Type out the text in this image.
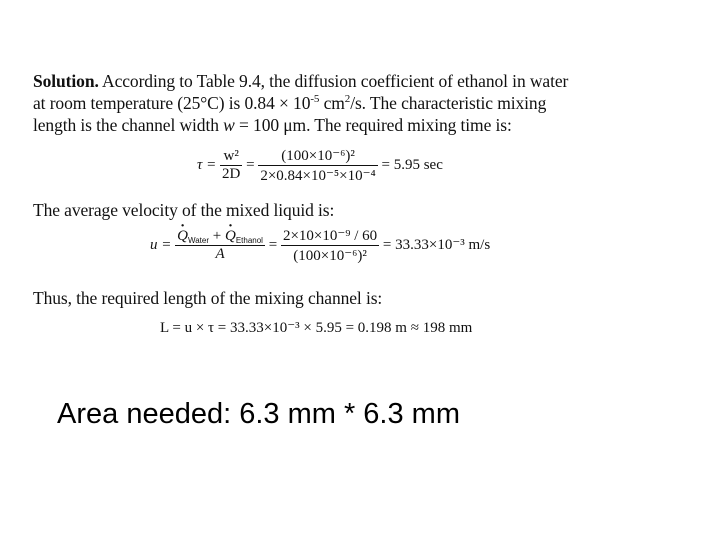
Solution. According to Table 9.4, the diffusion coefficient of ethanol in water
at room temperature (25°C) is $0.84 \times 10^{-5}$ $cm^2/s$. The characteristic mixing
length is the channel width w = 100 μm. The required mixing time is:
$\tau = \frac{\text{w²}}{2D} = \frac{\text{(100×10⁻⁶)²}}{\text{2×0.84×10⁻⁵×10⁻⁴}} = 5.95$ sec
The average velocity of the mixed liquid is:
u = · $\frac{Q_{Water} + \cdot Q_{Ethanol}}{A} = \frac{\text{2×10×10⁻⁹ / 60}}{\text{(100×10⁻⁶)²}} = 33.33\times 10^{-3}$ m/s
Thus, the required length of the mixing channel is:
L = u × τ = 33.33×10⁻³ × 5.95 = 0.198 m ≈ 198 mm
Area needed: 6.3 mm * 6.3 mm
